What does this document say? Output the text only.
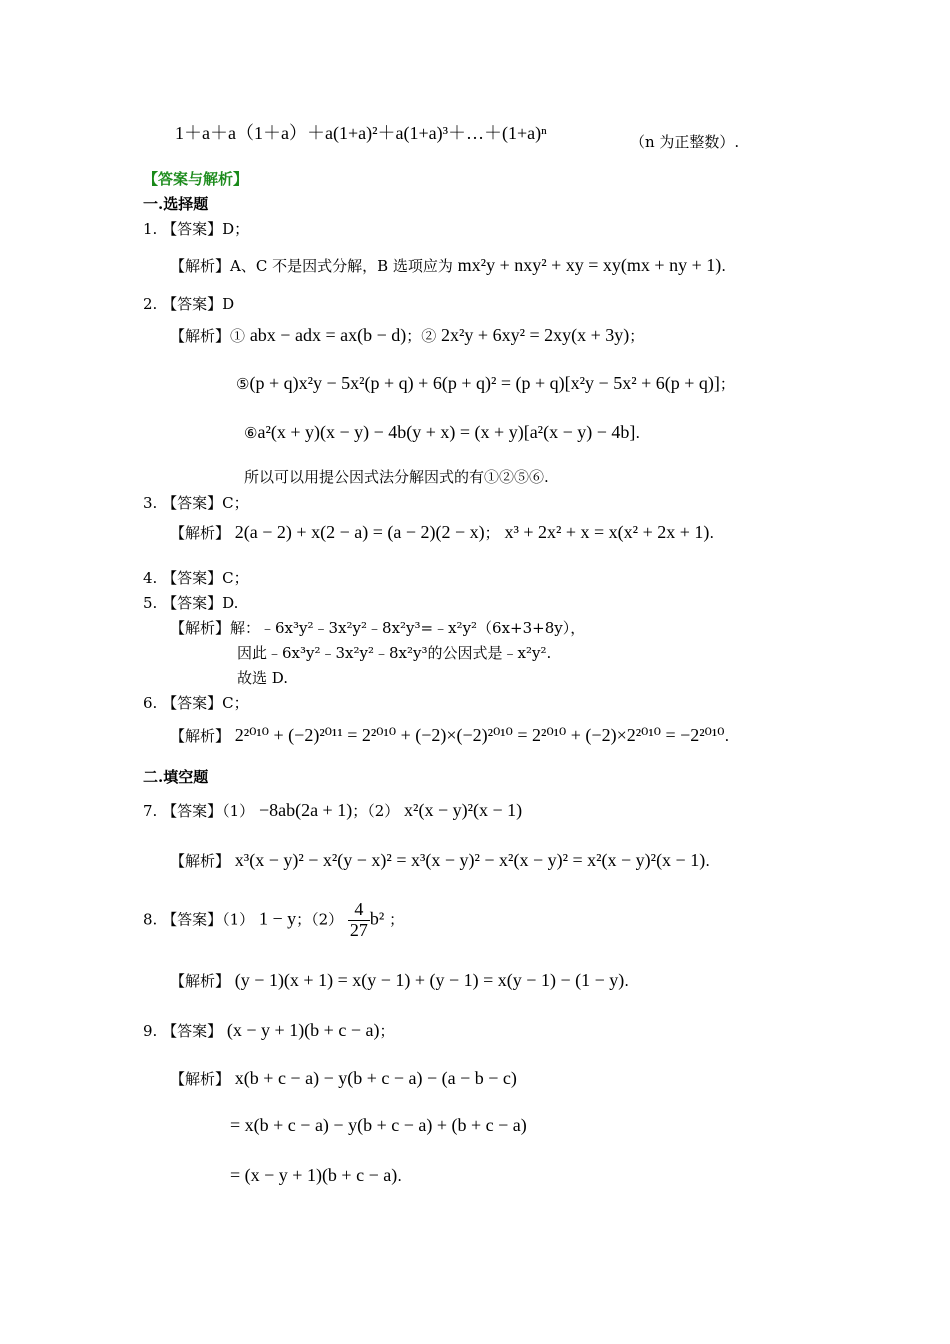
1＋a＋a（1＋a）＋a(1+a)²＋a(1+a)³＋…＋(1+a)ⁿ	（n 为正整数）.
【答案与解析】
一.选择题
1. 【答案】D；
【解析】A、C 不是因式分解，B 选项应为 mx²y + nxy² + xy = xy(mx + ny + 1).
2. 【答案】D
【解析】① abx − adx = ax(b − d)；② 2x²y + 6xy² = 2xy(x + 3y)；
⑤(p + q)x²y − 5x²(p + q) + 6(p + q)² = (p + q)[x²y − 5x² + 6(p + q)]；
⑥a²(x + y)(x − y) − 4b(y + x) = (x + y)[a²(x − y) − 4b].
所以可以用提公因式法分解因式的有①②⑤⑥.
3. 【答案】C；
【解析】 2(a − 2) + x(2 − a) = (a − 2)(2 − x)； x³ + 2x² + x = x(x² + 2x + 1).
4. 【答案】C；
5. 【答案】D.
【解析】解：﹣6x³y²﹣3x²y²﹣8x²y³=﹣x²y²（6x+3+8y），
因此﹣6x³y²﹣3x²y²﹣8x²y³的公因式是﹣x²y².
故选 D.
6. 【答案】C；
【解析】 2²⁰¹⁰ + (−2)²⁰¹¹ = 2²⁰¹⁰ + (−2)×(−2)²⁰¹⁰ = 2²⁰¹⁰ + (−2)×2²⁰¹⁰ = −2²⁰¹⁰.
二.填空题
7. 【答案】（1） −8ab(2a + 1)；（2） x²(x − y)²(x − 1)
【解析】 x³(x − y)² − x²(y − x)² = x³(x − y)² − x²(x − y)² = x²(x − y)²(x − 1).
8. 【答案】（1） 1 − y；$(2) \frac{4}{27} b^2$ ；
【解析】 (y − 1)(x + 1) = x(y − 1) + (y − 1) = x(y − 1) − (1 − y).
9. 【答案】 (x − y + 1)(b + c − a)；
【解析】 x(b + c − a) − y(b + c − a) − (a − b − c)
= x(b + c − a) − y(b + c − a) + (b + c − a)
= (x − y + 1)(b + c − a).
